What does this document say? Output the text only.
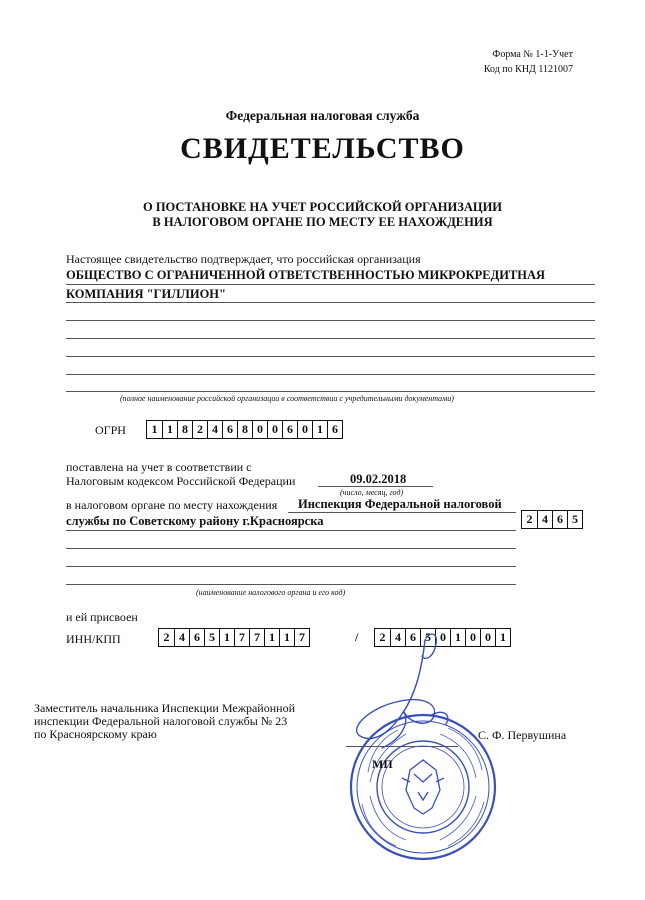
Форма № 1-1-Учет
Код по КНД 1121007
Федеральная налоговая служба
СВИДЕТЕЛЬСТВО
О ПОСТАНОВКЕ НА УЧЕТ РОССИЙСКОЙ ОРГАНИЗАЦИИ
В НАЛОГОВОМ ОРГАНЕ ПО МЕСТУ ЕЕ НАХОЖДЕНИЯ
Настоящее свидетельство подтверждает, что российская организация
ОБЩЕСТВО С ОГРАНИЧЕННОЙ ОТВЕТСТВЕННОСТЬЮ МИКРОКРЕДИТНАЯ
КОМПАНИЯ "ГИЛЛИОН"
(полное наименование российской организации в соответствии с учредительными документами)
ОГРН	1 1 8 2 4 6 8 0 0 6 0 1 6
поставлена на учет в соответствии с
Налоговым кодексом Российской Федерации	09.02.2018
(число, месяц, год)
в налоговом органе по месту нахождения Инспекция Федеральной налоговой
службы по Советскому району г.Красноярска	2 4 6 5
(наименование налогового органа и его код)
и ей присвоен
ИНН/КПП	2 4 6 5 1 7 7 1 1 7	/	2 4 6 5 0 1 0 0 1
Заместитель начальника Инспекции Межрайонной
инспекции Федеральной налоговой службы № 23
по Красноярскому краю	С. Ф. Первушина
МП
